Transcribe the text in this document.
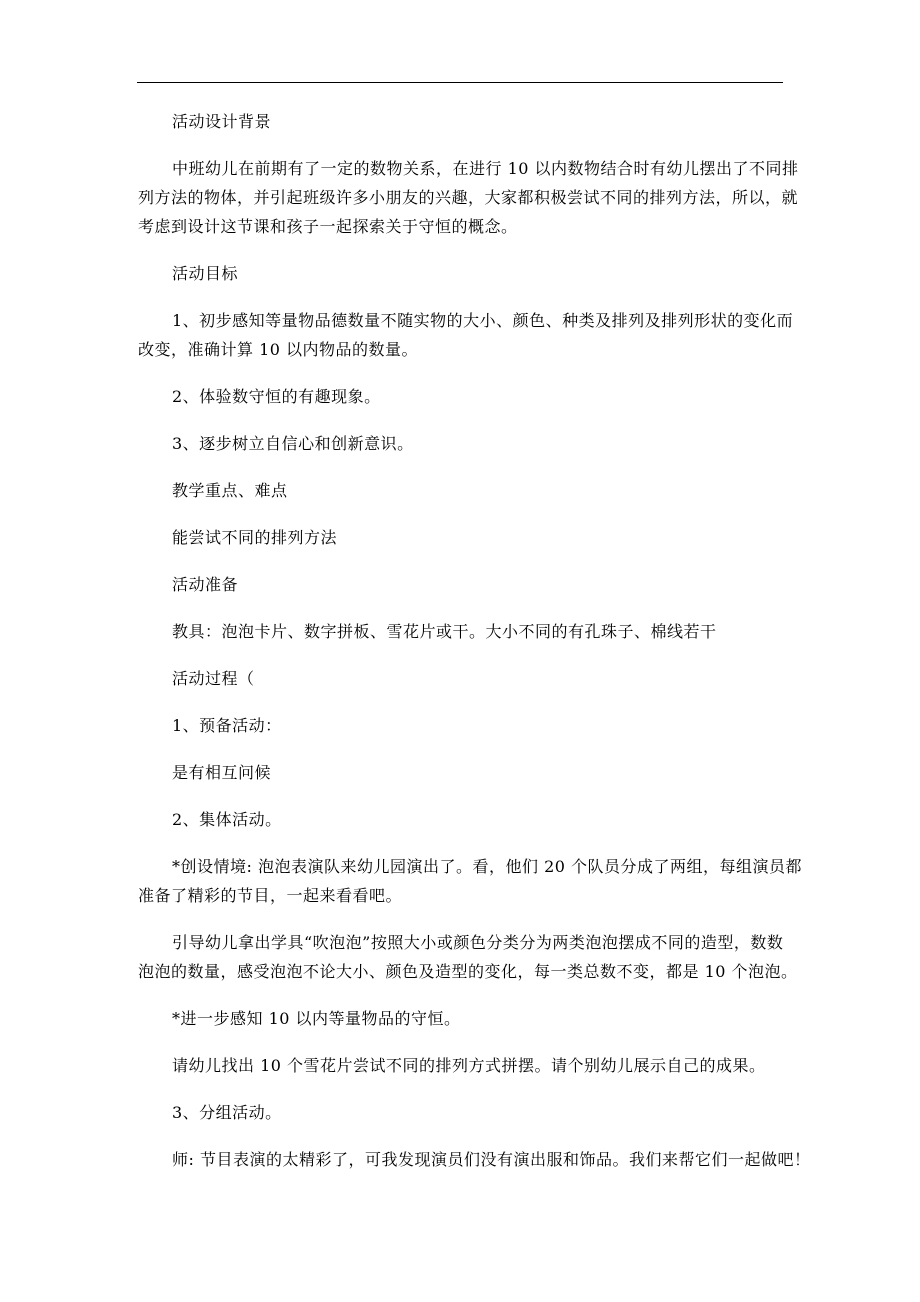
活动设计背景
中班幼儿在前期有了一定的数物关系，在进行 10 以内数物结合时有幼儿摆出了不同排
列方法的物体，并引起班级许多小朋友的兴趣，大家都积极尝试不同的排列方法，所以，就
考虑到设计这节课和孩子一起探索关于守恒的概念。
活动目标
1、初步感知等量物品德数量不随实物的大小、颜色、种类及排列及排列形状的变化而
改变，准确计算 10 以内物品的数量。
2、体验数守恒的有趣现象。
3、逐步树立自信心和创新意识。
教学重点、难点
能尝试不同的排列方法
活动准备
教具：泡泡卡片、数字拼板、雪花片或干。大小不同的有孔珠子、棉线若干
活动过程（
1、预备活动：
是有相互问候
2、集体活动。
*创设情境: 泡泡表演队来幼儿园演出了。看，他们 20 个队员分成了两组，每组演员都
准备了精彩的节目，一起来看看吧。
引导幼儿拿出学具“吹泡泡”按照大小或颜色分类分为两类泡泡摆成不同的造型，数数
泡泡的数量，感受泡泡不论大小、颜色及造型的变化，每一类总数不变，都是 10 个泡泡。
*进一步感知 10 以内等量物品的守恒。
请幼儿找出 10 个雪花片尝试不同的排列方式拼摆。请个别幼儿展示自己的成果。
3、分组活动。
师: 节目表演的太精彩了，可我发现演员们没有演出服和饰品。我们来帮它们一起做吧！
